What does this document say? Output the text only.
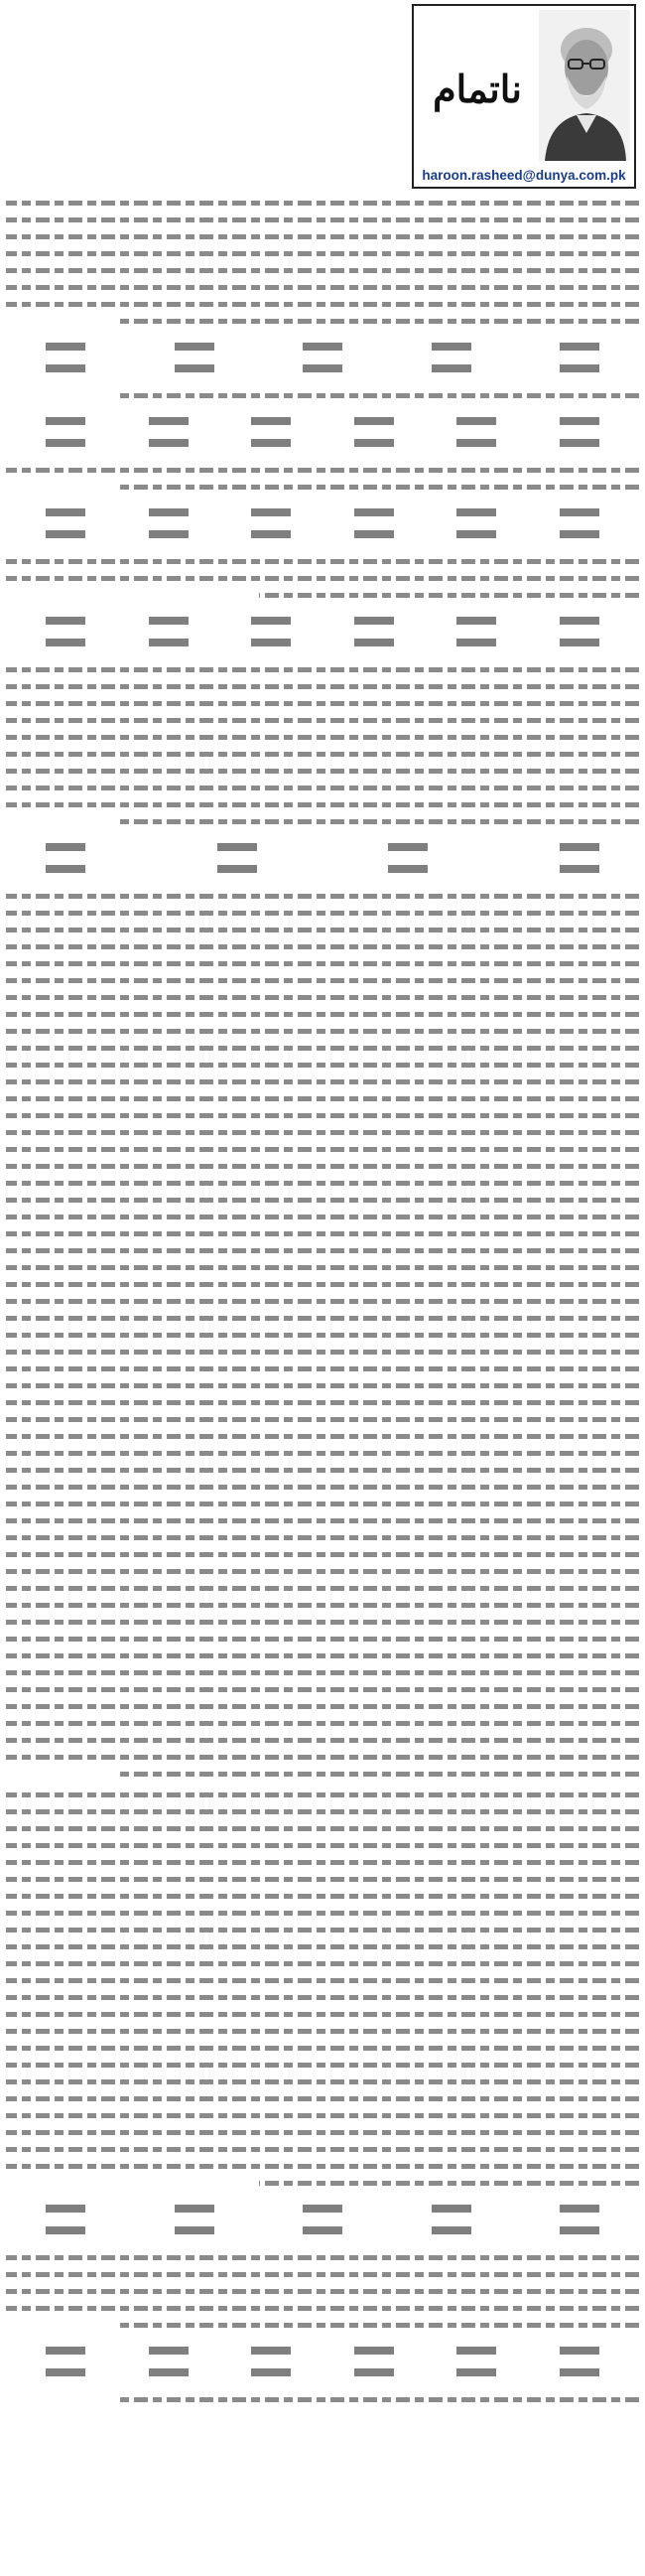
ناتمام
haroon.rasheed@dunya.com.pk
